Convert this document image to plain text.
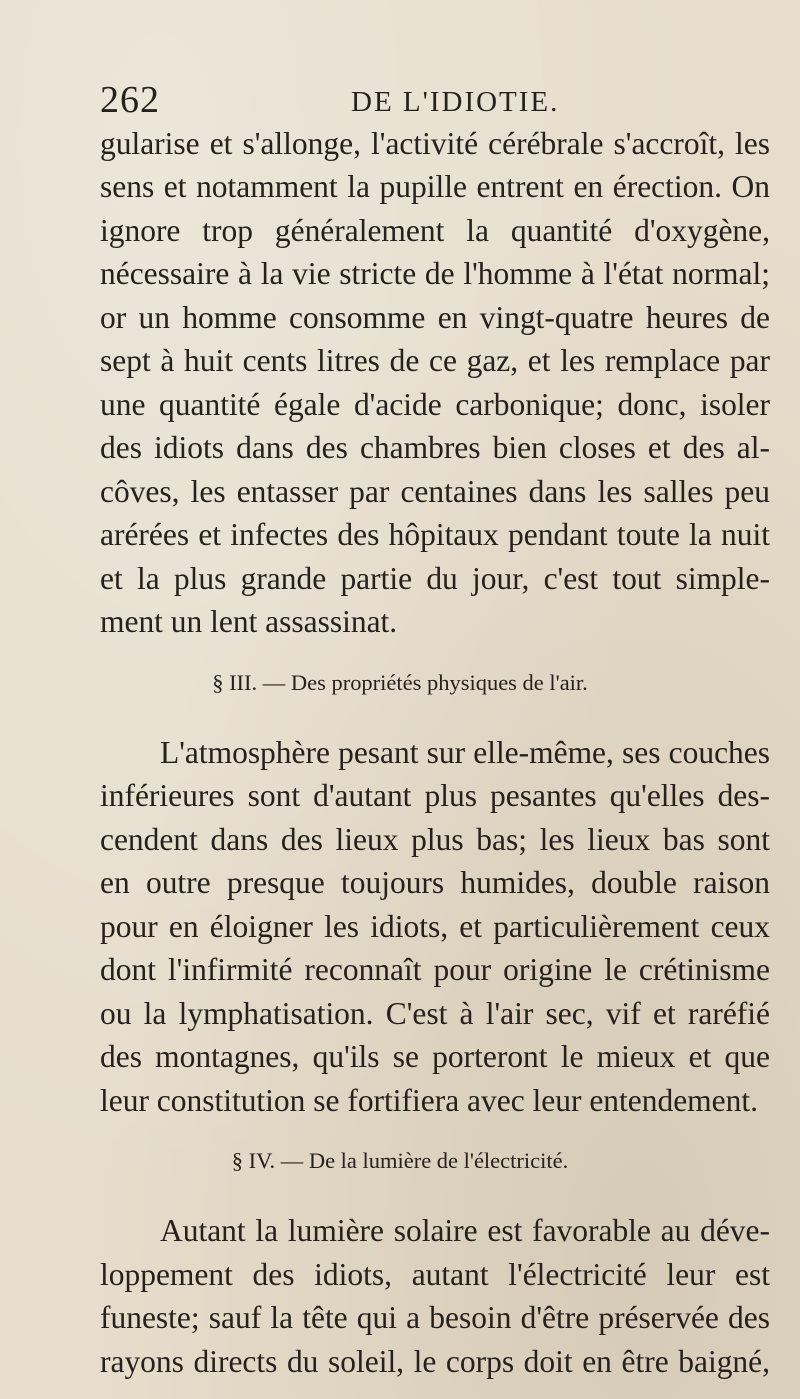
262	DE L'IDIOTIE.
gularise et s'allonge, l'activité cérébrale s'accroît, les
sens et notamment la pupille entrent en érection. On
ignore trop généralement la quantité d'oxygène,
nécessaire à la vie stricte de l'homme à l'état normal;
or un homme consomme en vingt-quatre heures de
sept à huit cents litres de ce gaz, et les remplace par
une quantité égale d'acide carbonique; donc, isoler
des idiots dans des chambres bien closes et des al-
côves, les entasser par centaines dans les salles peu
arérées et infectes des hôpitaux pendant toute la nuit
et la plus grande partie du jour, c'est tout simple-
ment un lent assassinat.
§ III. — Des propriétés physiques de l'air.
L'atmosphère pesant sur elle-même, ses couches
inférieures sont d'autant plus pesantes qu'elles des-
cendent dans des lieux plus bas; les lieux bas sont
en outre presque toujours humides, double raison
pour en éloigner les idiots, et particulièrement ceux
dont l'infirmité reconnaît pour origine le crétinisme
ou la lymphatisation. C'est à l'air sec, vif et raréfié
des montagnes, qu'ils se porteront le mieux et que
leur constitution se fortifiera avec leur entendement.
§ IV. — De la lumière de l'électricité.
Autant la lumière solaire est favorable au déve-
loppement des idiots, autant l'électricité leur est
funeste; sauf la tête qui a besoin d'être préservée des
rayons directs du soleil, le corps doit en être baigné,
